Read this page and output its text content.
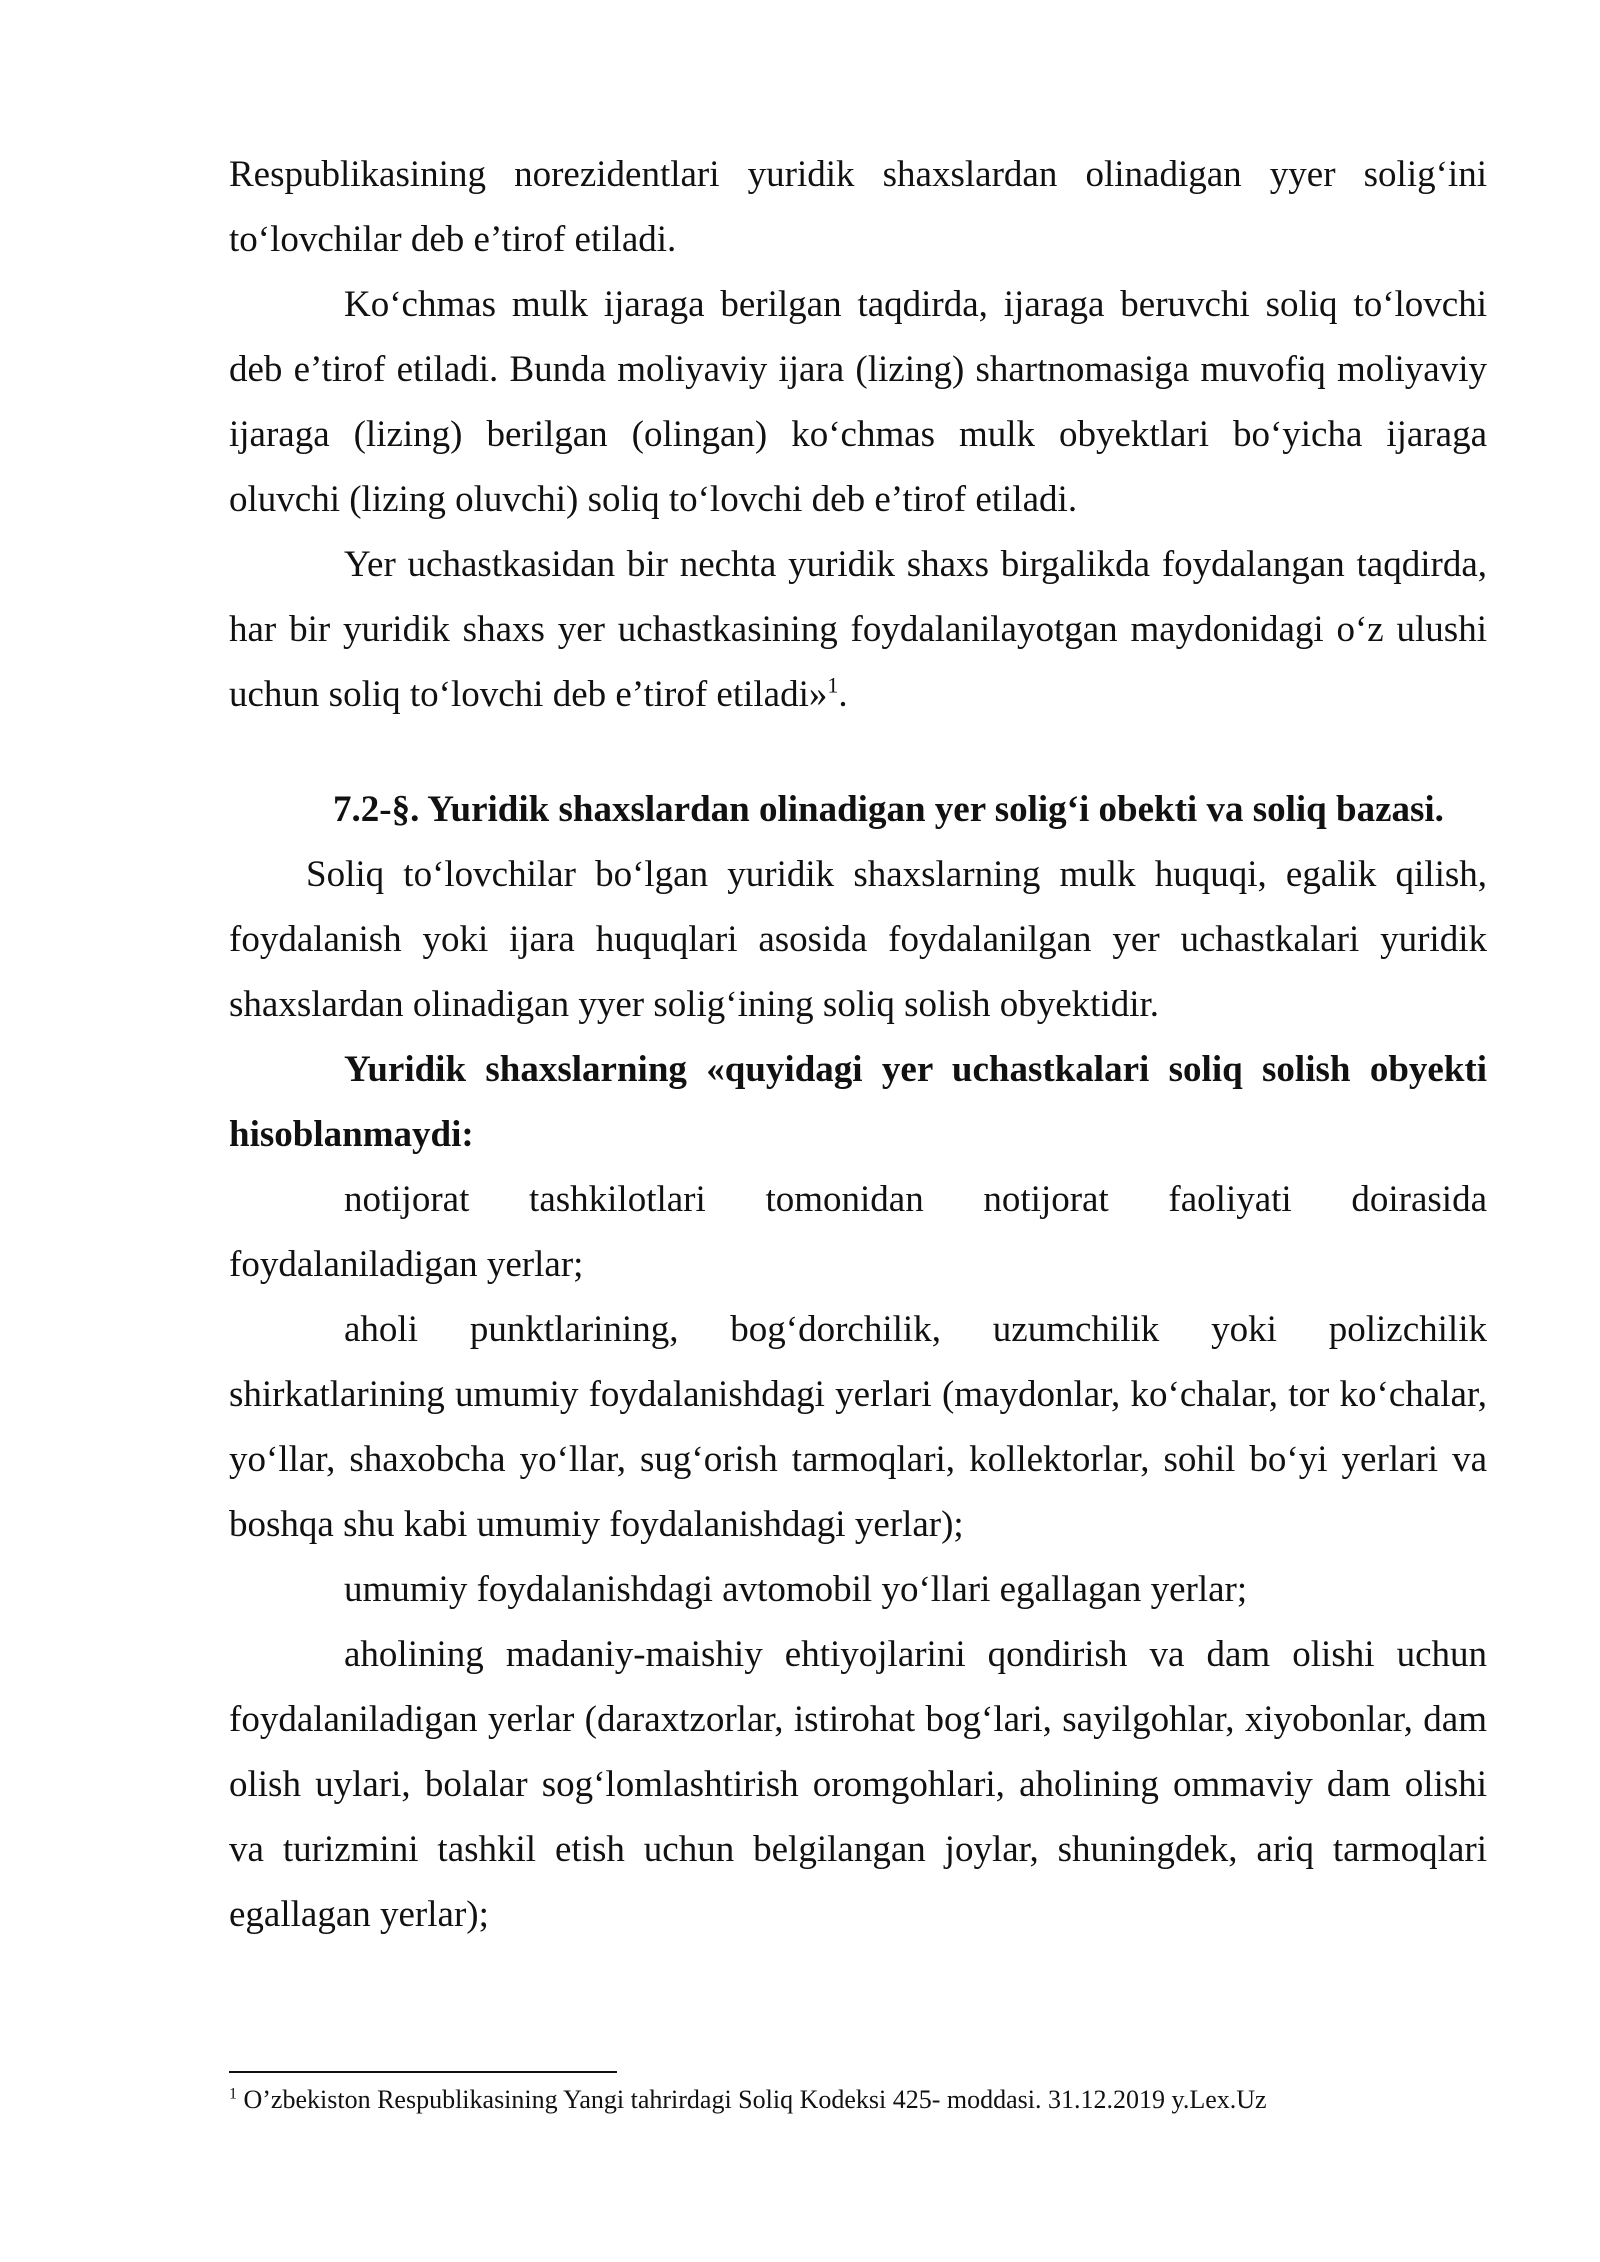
Respublikasining norezidentlari yuridik shaxslardan olinadigan yyer solig‘ini to‘lovchilar deb e’tirof etiladi.

Ko‘chmas mulk ijaraga berilgan taqdirda, ijaraga beruvchi soliq to‘lovchi deb e’tirof etiladi. Bunda moliyaviy ijara (lizing) shartnomasiga muvofiq moliyaviy ijaraga (lizing) berilgan (olingan) ko‘chmas mulk obyektlari bo‘yicha ijaraga oluvchi (lizing oluvchi) soliq to‘lovchi deb e’tirof etiladi.

Yer uchastkasidan bir nechta yuridik shaxs birgalikda foydalangan taqdirda, har bir yuridik shaxs yer uchastkasining foydalanilayotgan maydonidagi o‘z ulushi uchun soliq to‘lovchi deb e’tirof etiladi»$^1$.

7.2-§. Yuridik shaxslardan olinadigan yer solig‘i obekti va soliq bazasi.

Soliq to‘lovchilar bo‘lgan yuridik shaxslarning mulk huquqi, egalik qilish, foydalanish yoki ijara huquqlari asosida foydalanilgan yer uchastkalari yuridik shaxslardan olinadigan yyer solig‘ining soliq solish obyektidir.

Yuridik shaxslarning «quyidagi yer uchastkalari soliq solish obyekti hisoblanmaydi:

notijorat tashkilotlari tomonidan notijorat faoliyati doirasida foydalaniladigan yerlar;

aholi punktlarining, bog‘dorchilik, uzumchilik yoki polizchilik shirkatlarining umumiy foydalanishdagi yerlari (maydonlar, ko‘chalar, tor ko‘chalar, yo‘llar, shaxobcha yo‘llar, sug‘orish tarmoqlari, kollektorlar, sohil bo‘yi yerlari va boshqa shu kabi umumiy foydalanishdagi yerlar);

umumiy foydalanishdagi avtomobil yo‘llari egallagan yerlar;

aholining madaniy-maishiy ehtiyojlarini qondirish va dam olishi uchun foydalaniladigan yerlar (daraxtzorlar, istirohat bog‘lari, sayilgohlar, xiyobonlar, dam olish uylari, bolalar sog‘lomlashtirish oromgohlari, aholining ommaviy dam olishi va turizmini tashkil etish uchun belgilangan joylar, shuningdek, ariq tarmoqlari egallagan yerlar);

$^1$ O’zbekiston Respublikasining Yangi tahrirdagi Soliq Kodeksi 425- moddasi. 31.12.2019 y.Lex.Uz
